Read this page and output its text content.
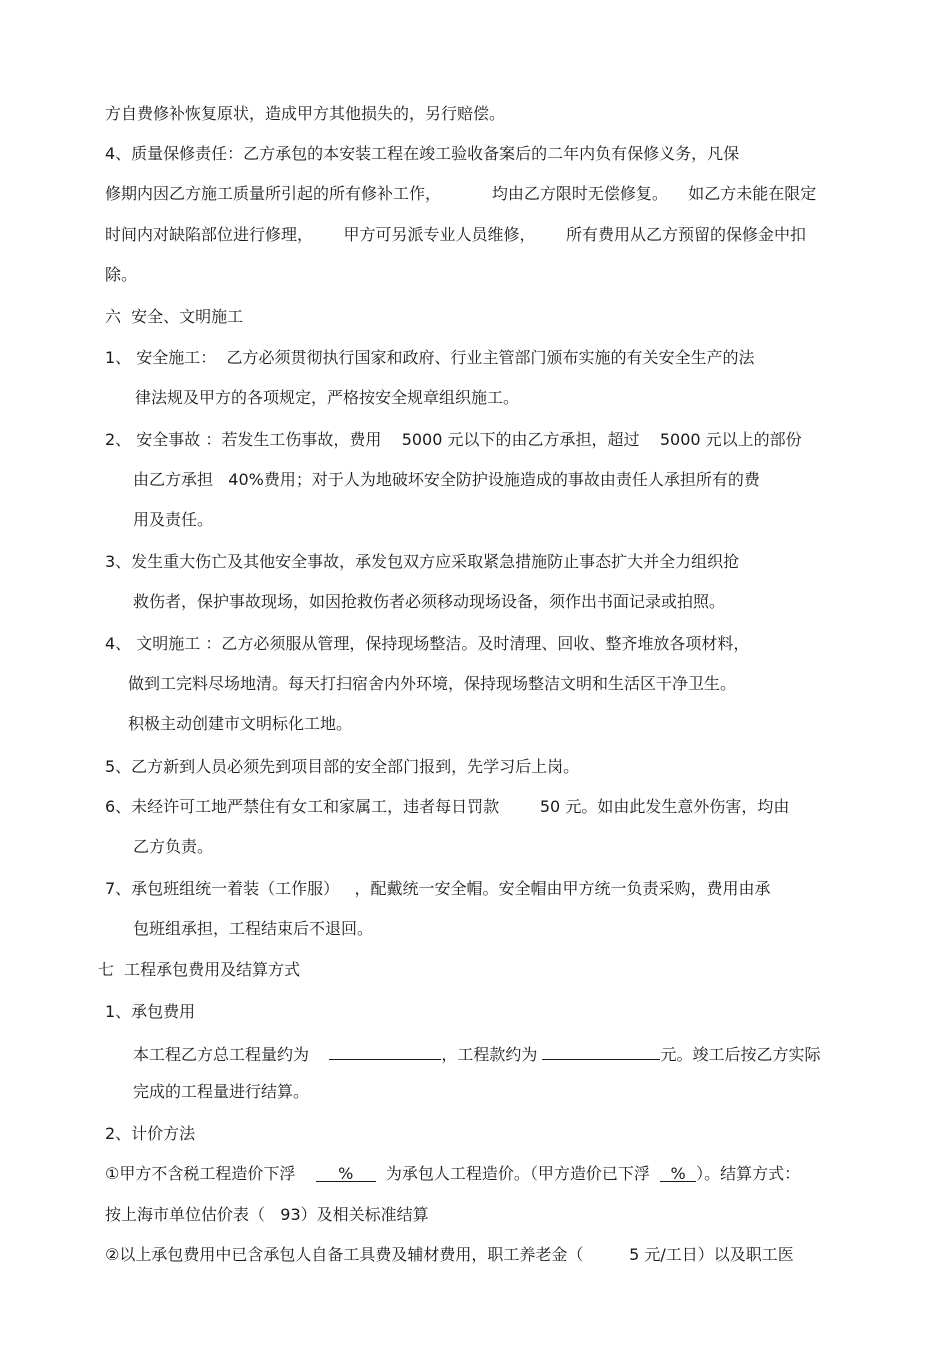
方自费修补恢复原状，造成甲方其他损失的，另行赔偿。

4、质量保修责任：乙方承包的本安装工程在竣工验收备案后的二年内负有保修义务，凡保

修期内因乙方施工质量所引起的所有修补工作，          均由乙方限时无偿修复。    如乙方未能在限定

时间内对缺陷部位进行修理，      甲方可另派专业人员维修，      所有费用从乙方预留的保修金中扣

除。

六  安全、文明施工

1、 安全施工：  乙方必须贯彻执行国家和政府、行业主管部门颁布实施的有关安全生产的法

律法规及甲方的各项规定，严格按安全规章组织施工。

2、 安全事故 ：若发生工伤事故，费用    5000 元以下的由乙方承担，超过    5000 元以上的部份

由乙方承担   40%费用；对于人为地破坏安全防护设施造成的事故由责任人承担所有的费

用及责任。

3、发生重大伤亡及其他安全事故，承发包双方应采取紧急措施防止事态扩大并全力组织抢

救伤者，保护事故现场，如因抢救伤者必须移动现场设备，须作出书面记录或拍照。

4、 文明施工 ：乙方必须服从管理，保持现场整洁。及时清理、回收、整齐堆放各项材料，

做到工完料尽场地清。每天打扫宿舍内外环境，保持现场整洁文明和生活区干净卫生。

积极主动创建市文明标化工地。

5、乙方新到人员必须先到项目部的安全部门报到，先学习后上岗。

6、未经许可工地严禁住有女工和家属工，违者每日罚款        50 元。如由此发生意外伤害，均由

乙方负责。

7、承包班组统一着装（工作服）   ，配戴统一安全帽。安全帽由甲方统一负责采购，费用由承

包班组承担，工程结束后不退回。

七  工程承包费用及结算方式

1、承包费用

本工程乙方总工程量约为	，工程款约为	元。竣工后按乙方实际

完成的工程量进行结算。

2、计价方法

①甲方不含税工程造价下浮    %  为承包人工程造价。（甲方造价已下浮  % ）。结算方式：

按上海市单位估价表（   93）及相关标准结算

②以上承包费用中已含承包人自备工具费及辅材费用，职工养老金（         5 元/工日）以及职工医
